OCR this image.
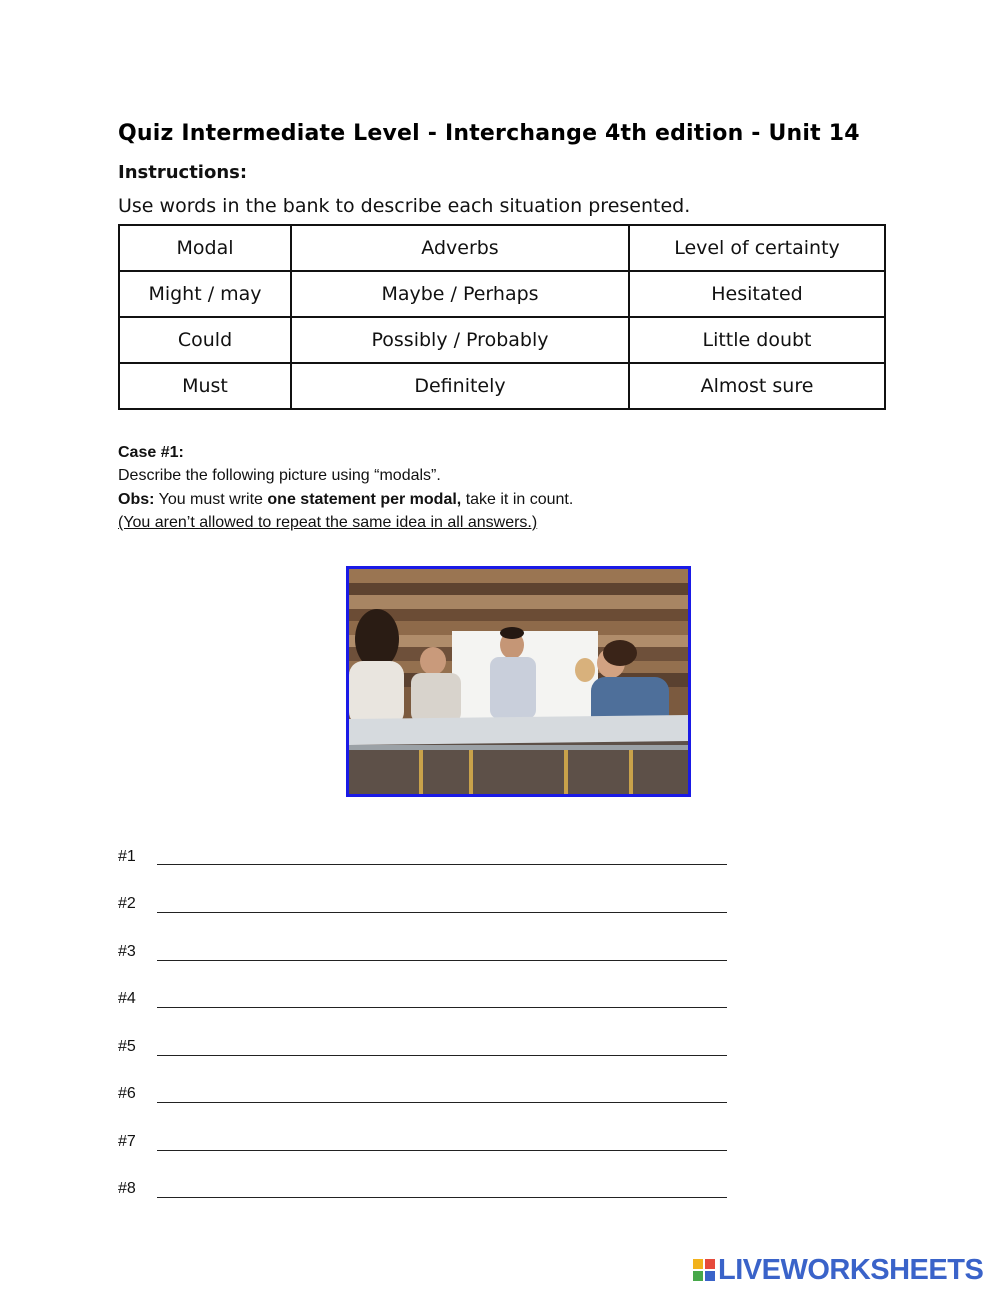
Quiz Intermediate Level - Interchange 4th edition - Unit 14
Instructions:
Use words in the bank to describe each situation presented.
Modal	Adverbs	Level of certainty
Might / may	Maybe / Perhaps	Hesitated
Could	Possibly / Probably	Little doubt
Must	Definitely	Almost sure
Case #1:
Describe the following picture using “modals”.
Obs: You must write one statement per modal, take it in count.
(You aren’t allowed to repeat the same idea in all answers.)
#1
#2
#3
#4
#5
#6
#7
#8
LIVEWORKSHEETS
